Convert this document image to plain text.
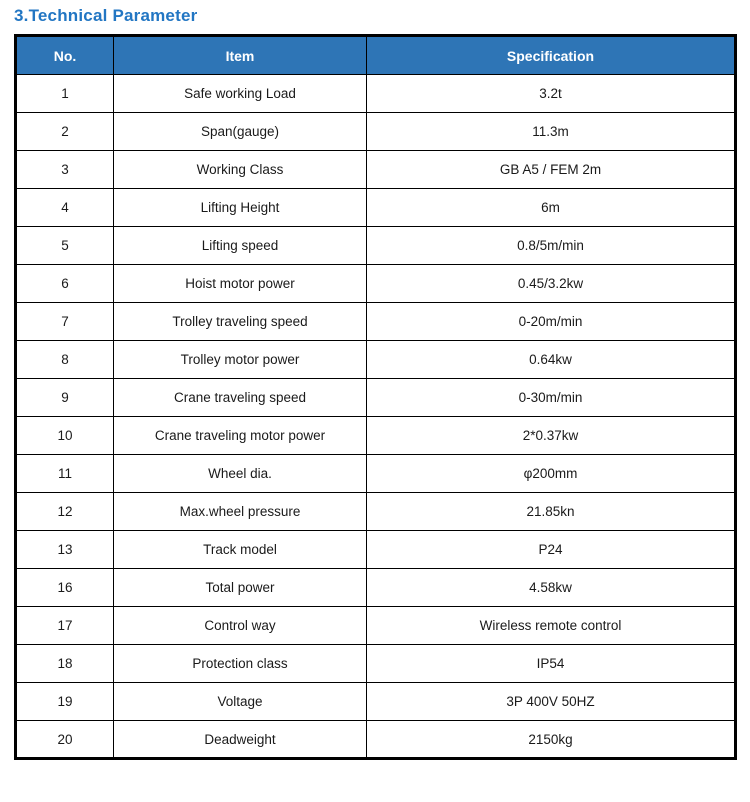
3.Technical Parameter
No.	Item	Specification
1	Safe working Load	3.2t
2	Span(gauge)	11.3m
3	Working Class	GB A5 / FEM 2m
4	Lifting Height	6m
5	Lifting speed	0.8/5m/min
6	Hoist motor power	0.45/3.2kw
7	Trolley traveling speed	0-20m/min
8	Trolley motor power	0.64kw
9	Crane traveling speed	0-30m/min
10	Crane traveling motor power	2*0.37kw
11	Wheel dia.	φ200mm
12	Max.wheel pressure	21.85kn
13	Track model	P24
16	Total power	4.58kw
17	Control way	Wireless remote control
18	Protection class	IP54
19	Voltage	3P 400V 50HZ
20	Deadweight	2150kg
